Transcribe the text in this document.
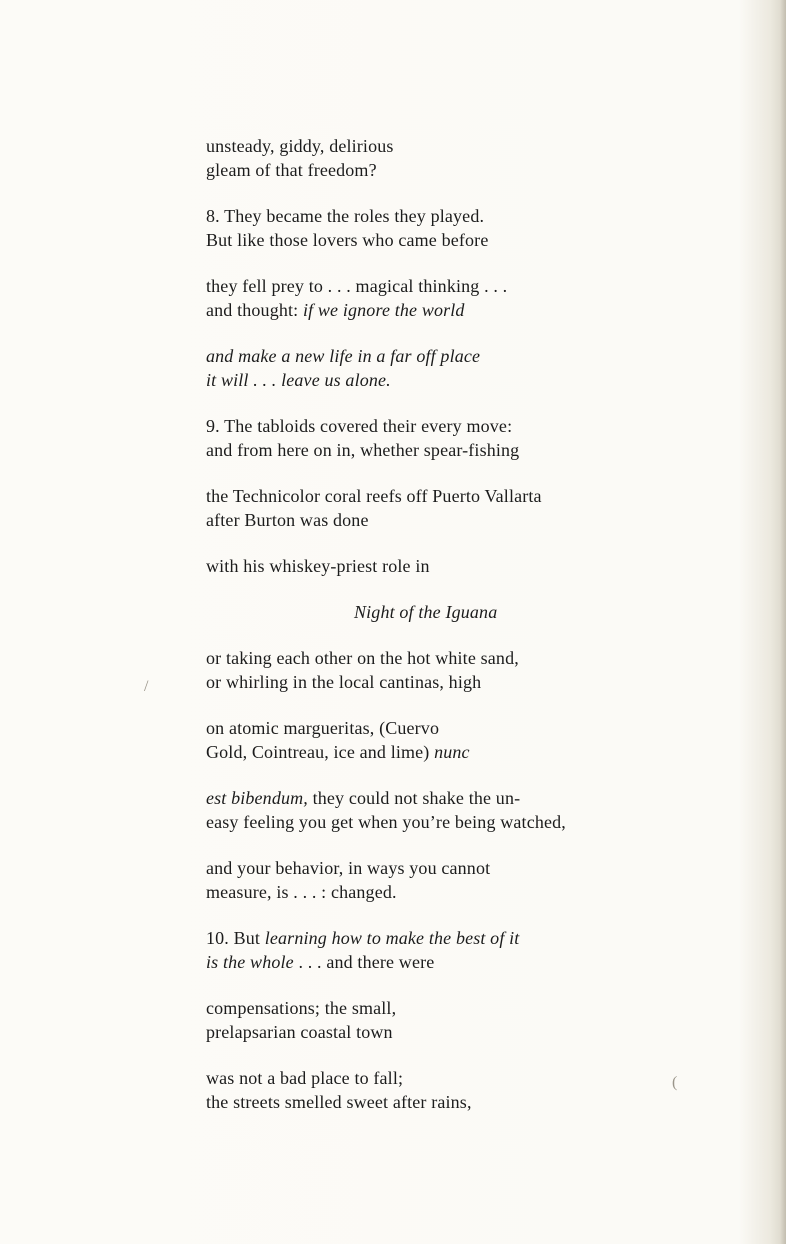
/
(
unsteady, giddy, delirious
gleam of that freedom?
8. They became the roles they played.
But like those lovers who came before
they fell prey to . . . magical thinking . . .
and thought: if we ignore the world
and make a new life in a far off place
it will . . . leave us alone.
9. The tabloids covered their every move:
and from here on in, whether spear-fishing
the Technicolor coral reefs off Puerto Vallarta
after Burton was done
with his whiskey-priest role in
Night of the Iguana
or taking each other on the hot white sand,
or whirling in the local cantinas, high
on atomic margueritas, (Cuervo
Gold, Cointreau, ice and lime) nunc
est bibendum, they could not shake the un-
easy feeling you get when you’re being watched,
and your behavior, in ways you cannot
measure, is . . . : changed.
10. But learning how to make the best of it
is the whole . . . and there were
compensations; the small,
prelapsarian coastal town
was not a bad place to fall;
the streets smelled sweet after rains,
